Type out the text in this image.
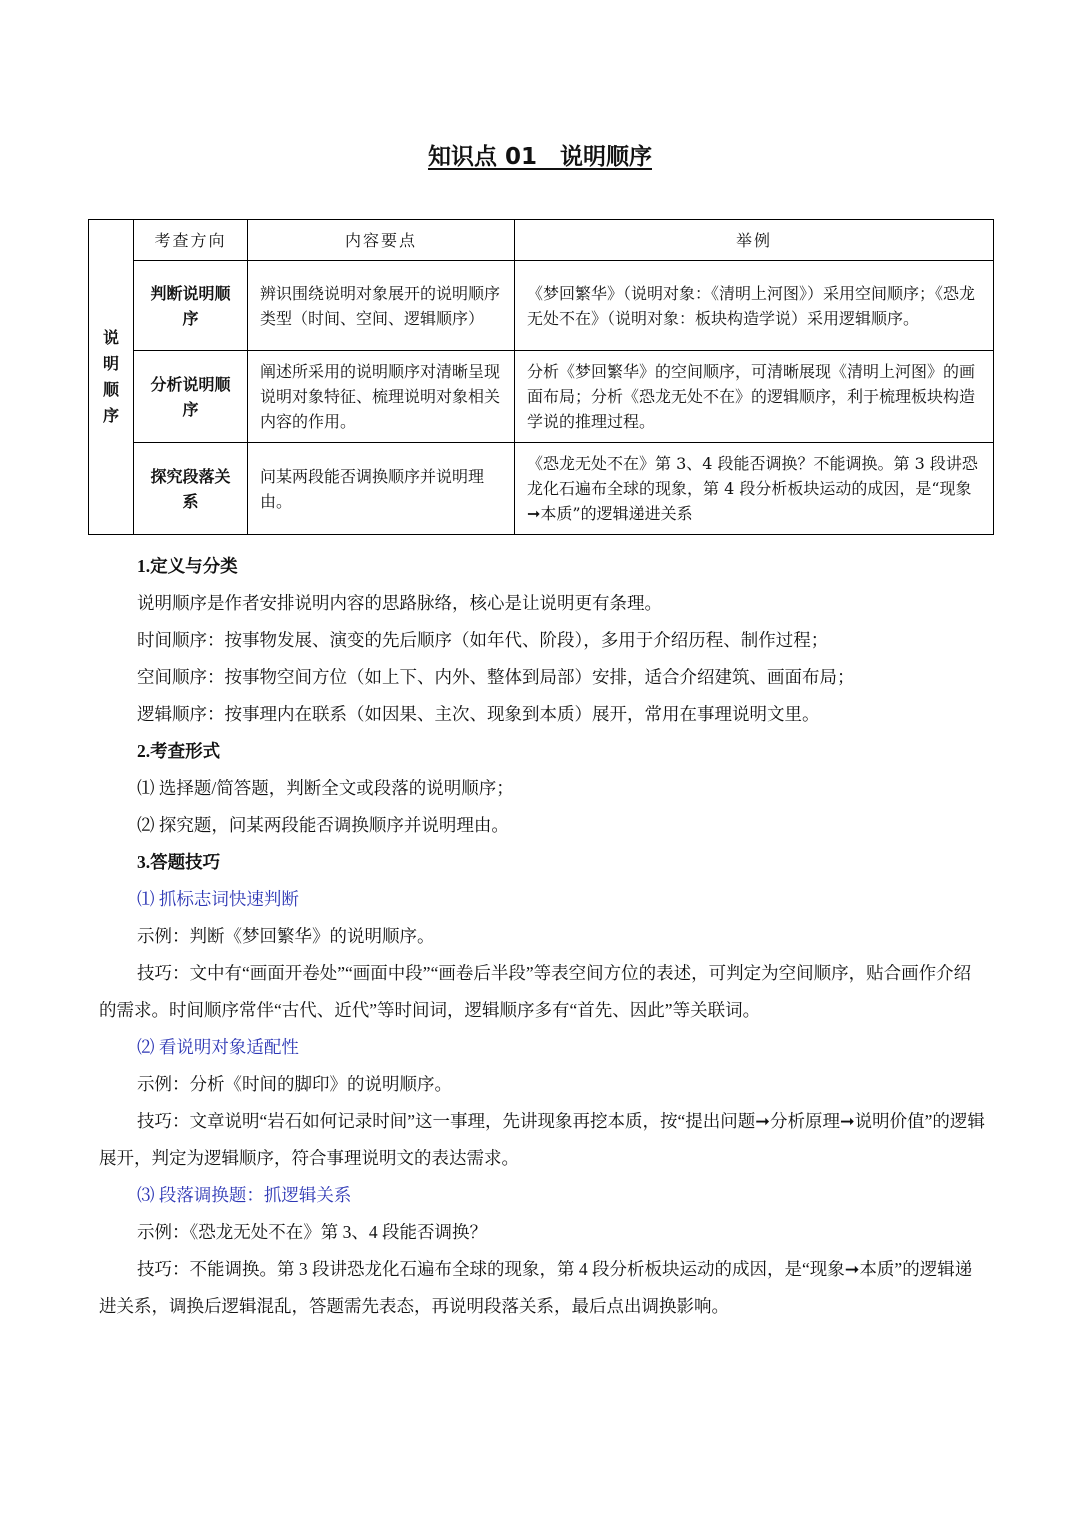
知识点 01　说明顺序
说明顺序	考查方向	内容要点	举例
	判断说明顺序	辨识围绕说明对象展开的说明顺序类型（时间、空间、逻辑顺序）	《梦回繁华》（说明对象：《清明上河图》）采用空间顺序；《恐龙无处不在》（说明对象：板块构造学说）采用逻辑顺序。
	分析说明顺序	阐述所采用的说明顺序对清晰呈现说明对象特征、梳理说明对象相关内容的作用。	分析《梦回繁华》的空间顺序，可清晰展现《清明上河图》的画面布局；分析《恐龙无处不在》的逻辑顺序，利于梳理板块构造学说的推理过程。
	探究段落关系	问某两段能否调换顺序并说明理由。	《恐龙无处不在》第 3、4 段能否调换？不能调换。第 3 段讲恐龙化石遍布全球的现象，第 4 段分析板块运动的成因，是“现象➞本质”的逻辑递进关系

1.定义与分类

说明顺序是作者安排说明内容的思路脉络，核心是让说明更有条理。

时间顺序：按事物发展、演变的先后顺序（如年代、阶段），多用于介绍历程、制作过程；

空间顺序：按事物空间方位（如上下、内外、整体到局部）安排，适合介绍建筑、画面布局；

逻辑顺序：按事理内在联系（如因果、主次、现象到本质）展开，常用在事理说明文里。

2.考查形式

⑴ 选择题/简答题，判断全文或段落的说明顺序；

⑵ 探究题，问某两段能否调换顺序并说明理由。

3.答题技巧

⑴ 抓标志词快速判断

示例：判断《梦回繁华》的说明顺序。

技巧：文中有“画面开卷处”“画面中段”“画卷后半段”等表空间方位的表述，可判定为空间顺序，贴合画作介绍的需求。时间顺序常伴“古代、近代”等时间词，逻辑顺序多有“首先、因此”等关联词。

⑵ 看说明对象适配性

示例：分析《时间的脚印》的说明顺序。

技巧：文章说明“岩石如何记录时间”这一事理，先讲现象再挖本质，按“提出问题➞分析原理➞说明价值”的逻辑展开，判定为逻辑顺序，符合事理说明文的表达需求。

⑶ 段落调换题：抓逻辑关系

示例：《恐龙无处不在》第 3、4 段能否调换？

技巧：不能调换。第 3 段讲恐龙化石遍布全球的现象，第 4 段分析板块运动的成因，是“现象➞本质”的逻辑递进关系，调换后逻辑混乱，答题需先表态，再说明段落关系，最后点出调换影响。
